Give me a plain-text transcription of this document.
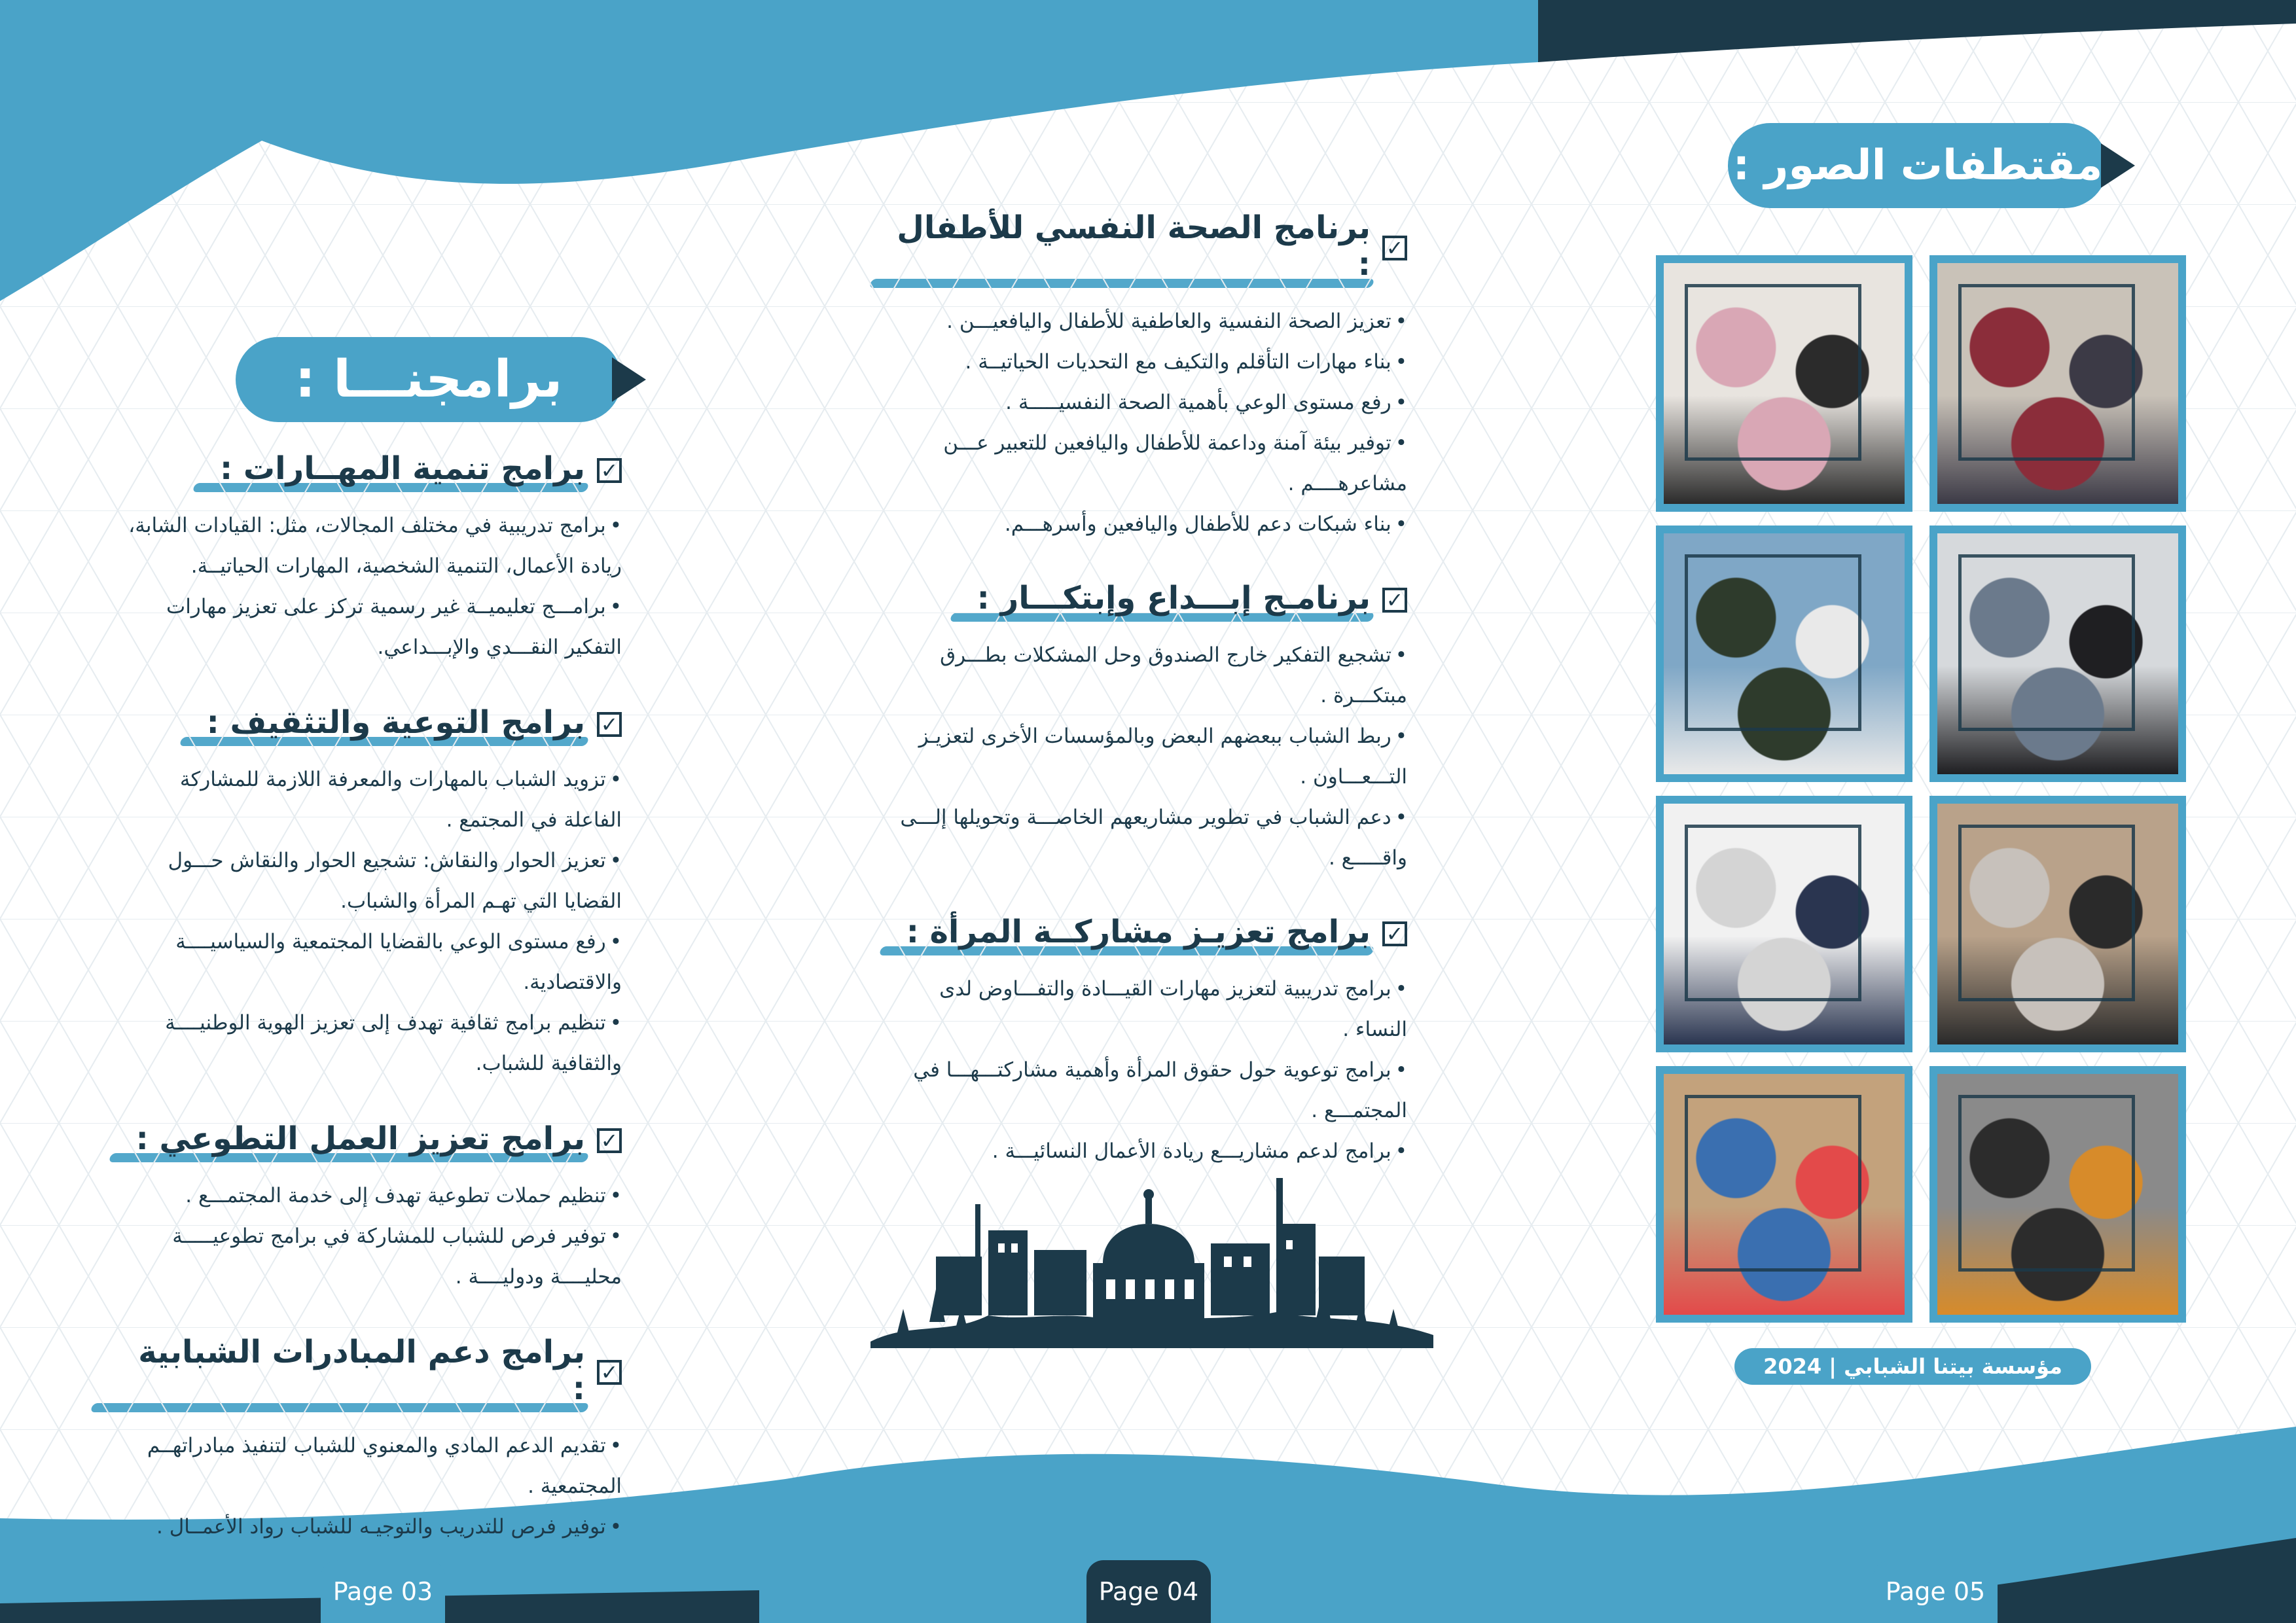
مقتطفات الصور :
مؤسسة بيتنا الشبابي | 2024
برامجنـــا :
✓
برامج تنمية المهــارات :

• برامج تدريبية في مختلف المجالات، مثل: القيادات الشابة، ريادة الأعمال، التنمية الشخصية، المهارات الحياتيــة.

• برامـــج تعليميــة غير رسمية تركز على تعزيز مهارات التفكير النقـــدي والإبـــداعي.

✓
برامج التوعية والتثقيف :

• تزويد الشباب بالمهارات والمعرفة اللازمة للمشاركة الفاعلة في المجتمع .

• تعزيز الحوار والنقاش: تشجيع الحوار والنقاش حـــول القضايا التي تهـم المرأة والشباب.

• رفع مستوى الوعي بالقضايا المجتمعية والسياسيــــة والاقتصادية.

• تنظيم برامج ثقافية تهدف إلى تعزيز الهوية الوطنيــــة والثقافية للشباب.

✓
برامج تعزيز العمل التطوعي :

• تنظيم حملات تطوعية تهدف إلى خدمة المجتمـــع .

• توفير فرص للشباب للمشاركة في برامج تطوعيـــــة محليــــة ودوليــــة .

✓
برامج دعم المبادرات الشبابية :

• تقديم الدعم المادي والمعنوي للشباب لتنفيذ مبادراتهــم المجتمعية .

• توفير فرص للتدريب والتوجيـه للشباب رواد الأعمــال .

✓
برنامج الصحة النفسي للأطفال :

• تعزيز الصحة النفسية والعاطفية للأطفال واليافعيـــن .

• بناء مهارات التأقلم والتكيف مع التحديات الحياتيــة .

• رفع مستوى الوعي بأهمية الصحة النفسيـــــة .

• توفير بيئة آمنة وداعمة للأطفال واليافعين للتعبير عـــن مشاعرهــــم .

• بناء شبكات دعم للأطفال واليافعين وأسرهـــم.

✓
برنامـج إبـــداع وإبتكـــار :

• تشجيع التفكير خارج الصندوق وحل المشكلات بطـــرق مبتكـــرة .

• ربط الشباب ببعضهم البعض وبالمؤسسات الأخرى لتعزيـز التـــعـــاون .

• دعم الشباب في تطوير مشاريعهم الخاصـــة وتحويلها إلـــى واقـــــع .

✓
برامج تعزيـز مشاركــة المرأة :

• برامج تدريبية لتعزيز مهارات القيـــادة والتفـــاوض لدى النساء .

• برامج توعوية حول حقوق المرأة وأهمية مشاركتـــهـــا في المجتمـــع .

• برامج لدعم مشاريـــع ريادة الأعمال النسائيـــة .

Page 03	Page 04	Page 05
